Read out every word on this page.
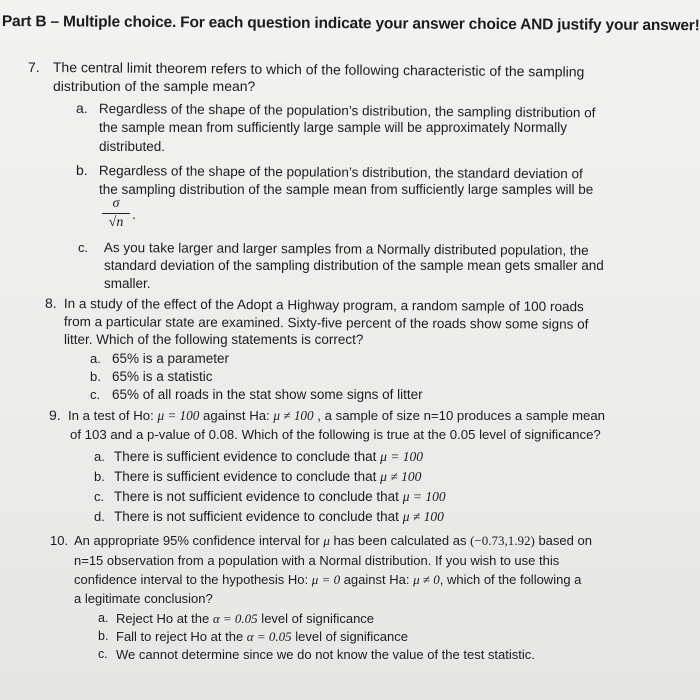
Part B – Multiple choice. For each question indicate your answer choice AND justify your answer!
7. The central limit theorem refers to which of the following characteristic of the sampling
distribution of the sample mean?
a. Regardless of the shape of the population’s distribution, the sampling distribution of
the sample mean from sufficiently large sample will be approximately Normally
distributed.
b. Regardless of the shape of the population’s distribution, the standard deviation of
the sampling distribution of the sample mean from sufficiently large samples will be
σ
√n
.
c. As you take larger and larger samples from a Normally distributed population, the
standard deviation of the sampling distribution of the sample mean gets smaller and
smaller.
8. In a study of the effect of the Adopt a Highway program, a random sample of 100 roads
from a particular state are examined. Sixty-five percent of the roads show some signs of
litter. Which of the following statements is correct?
a. 65% is a parameter
b. 65% is a statistic
c. 65% of all roads in the stat show some signs of litter
9. In a test of Ho: μ = 100 against Ha: μ ≠ 100 , a sample of size n=10 produces a sample mean
of 103 and a p-value of 0.08. Which of the following is true at the 0.05 level of significance?
a. There is sufficient evidence to conclude that μ = 100
b. There is sufficient evidence to conclude that μ ≠ 100
c. There is not sufficient evidence to conclude that μ = 100
d. There is not sufficient evidence to conclude that μ ≠ 100
10. An appropriate 95% confidence interval for μ has been calculated as (−0.73,1.92) based on
n=15 observation from a population with a Normal distribution. If you wish to use this
confidence interval to the hypothesis Ho: μ = 0 against Ha: μ ≠ 0, which of the following a
a legitimate conclusion?
a. Reject Ho at the α = 0.05 level of significance
b. Fall to reject Ho at the α = 0.05 level of significance
c. We cannot determine since we do not know the value of the test statistic.
